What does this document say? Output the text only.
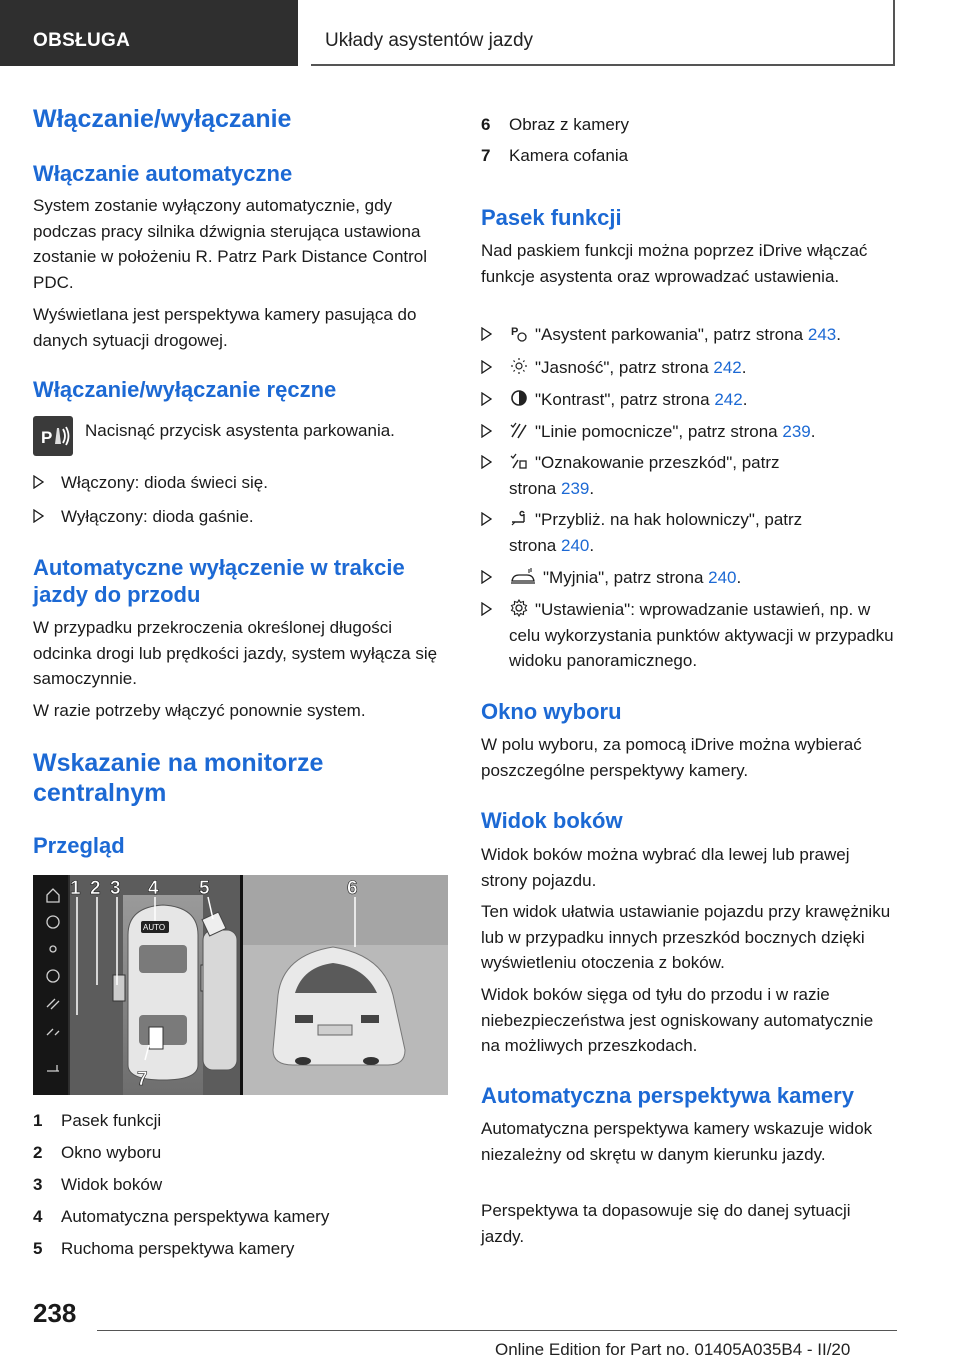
OBSŁUGA	Układy asystentów jazdy
Włączanie/wyłączanie
Włączanie automatyczne
System zostanie wyłączony automatycznie, gdy podczas pracy silnika dźwignia sterująca ustawiona zostanie w położeniu R. Patrz Park Distance Control PDC.
Wyświetlana jest perspektywa kamery pasująca do danych sytuacji drogowej.
Włączanie/wyłączanie ręczne
Nacisnąć przycisk asystenta parkowania.
Włączony: dioda świeci się.
Wyłączony: dioda gaśnie.
Automatyczne wyłączenie w trakcie jazdy do przodu
W przypadku przekroczenia określonej długości odcinka drogi lub prędkości jazdy, system wyłącza się samoczynnie.
W razie potrzeby włączyć ponownie system.
Wskazanie na monitorze centralnym
Przegląd
1 Pasek funkcji
2 Okno wyboru
3 Widok boków
4 Automatyczna perspektywa kamery
5 Ruchoma perspektywa kamery
P
AUTO
1 2 3 4 5	6
7
6 Obraz z kamery
7 Kamera cofania
Pasek funkcji
Nad paskiem funkcji można poprzez iDrive włączać funkcje asystenta oraz wprowadzać ustawienia.
P "Asystent parkowania", patrz strona 243.
"Jasność", patrz strona 242.
"Kontrast", patrz strona 242.
"Linie pomocnicze", patrz strona 239.
"Oznakowanie przeszkód", patrz
strona 239.
"Przybliż. na hak holowniczy", patrz
strona 240.
"Myjnia", patrz strona 240.
"Ustawienia": wprowadzanie ustawień, np. w celu wykorzystania punktów aktywacji w przypadku widoku panoramicznego.
Okno wyboru
W polu wyboru, za pomocą iDrive można wybierać poszczególne perspektywy kamery.
Widok boków
Widok boków można wybrać dla lewej lub prawej strony pojazdu.
Ten widok ułatwia ustawianie pojazdu przy krawężniku lub w przypadku innych przeszkód bocznych dzięki wyświetleniu otoczenia z boków.
Widok boków sięga od tyłu do przodu i w razie niebezpieczeństwa jest ogniskowany automatycznie na możliwych przeszkodach.
Automatyczna perspektywa kamery
Automatyczna perspektywa kamery wskazuje widok niezależny od skrętu w danym kierunku jazdy.
Perspektywa ta dopasowuje się do danej sytuacji jazdy.
238
Online Edition for Part no. 01405A035B4 - II/20
